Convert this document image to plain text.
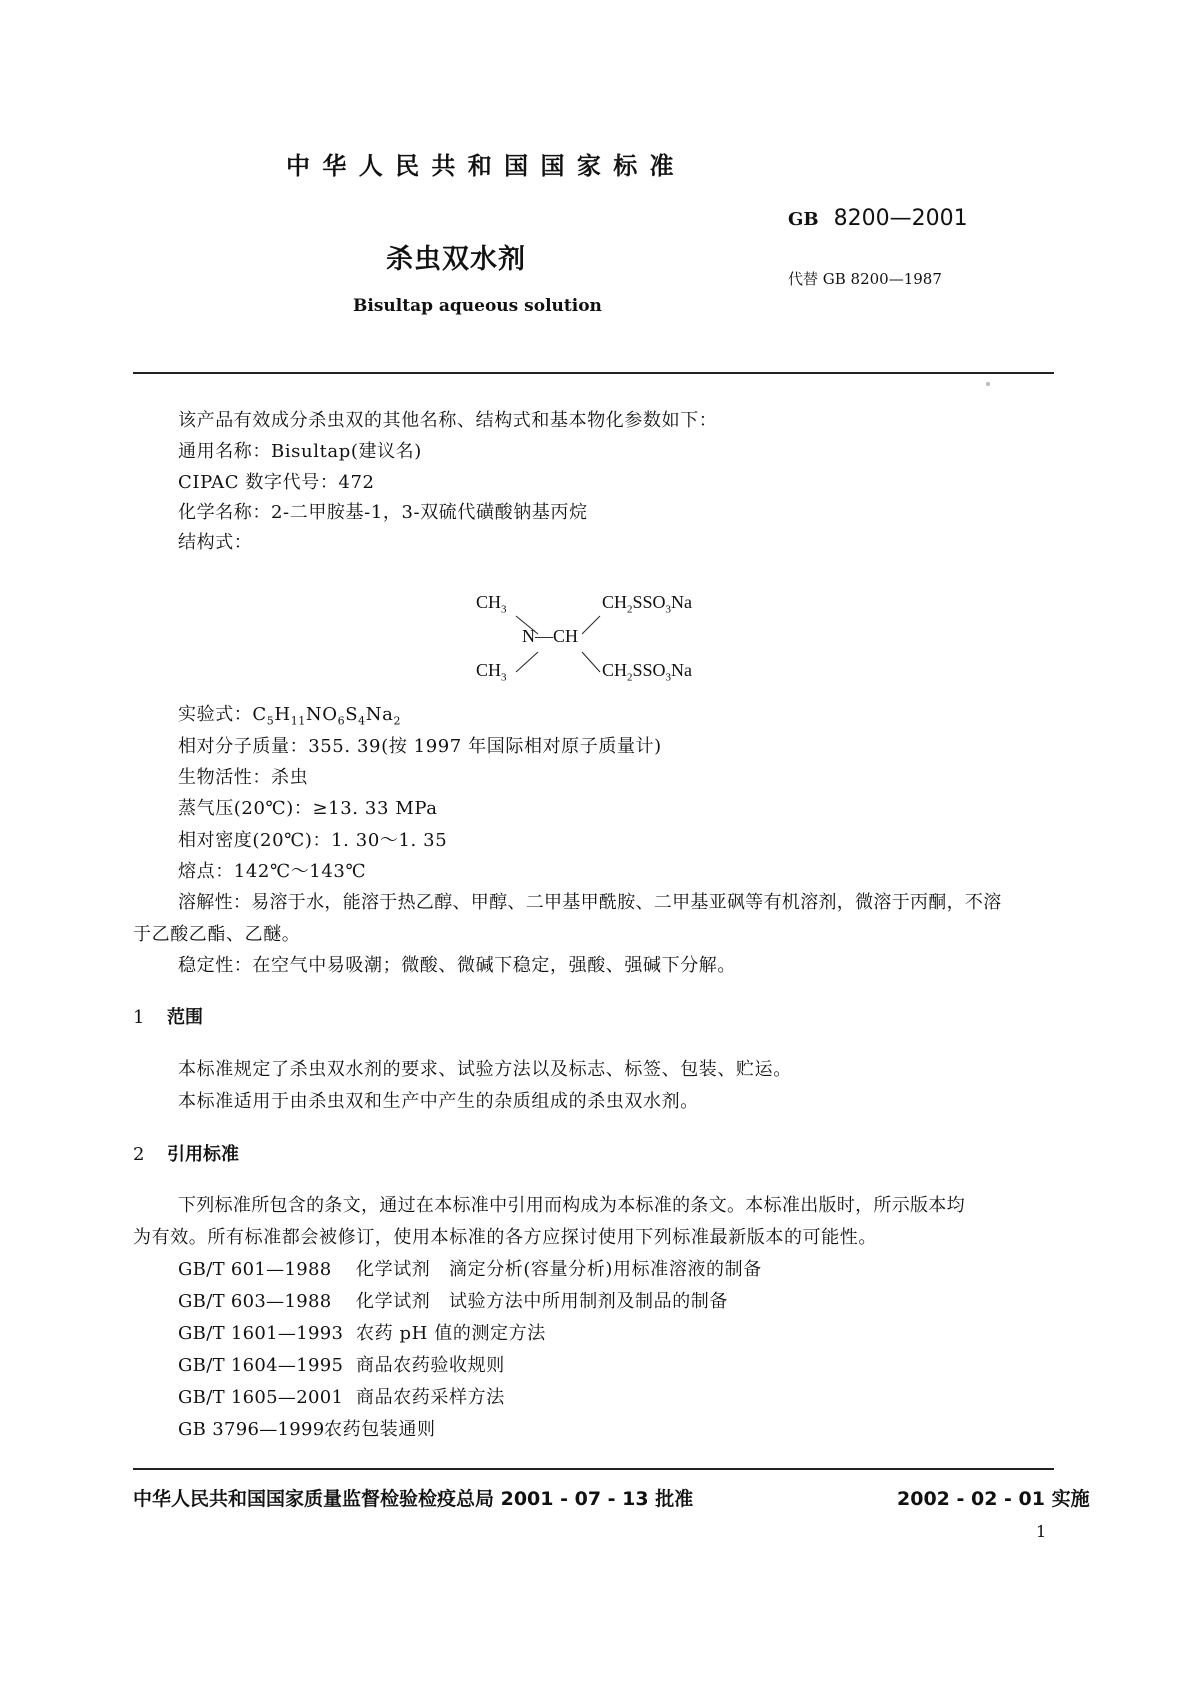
中 华 人 民 共 和 国 国 家 标 准
GB 8200—2001
杀虫双水剂
代替 GB 8200—1987
Bisultap aqueous solution
该产品有效成分杀虫双的其他名称、结构式和基本物化参数如下：
通用名称：Bisultap(建议名)
CIPAC 数字代号：472
化学名称：2-二甲胺基-1，3-双硫代磺酸钠基丙烷
结构式：
$CH_3$	$CH_2SSO_3Na$
N—CH
$CH_3$	$CH_2SSO_3Na$
实验式：$C_5H_{11}NO_6S_4Na_2$
相对分子质量：355. 39(按 1997 年国际相对原子质量计)
生物活性：杀虫
蒸气压(20℃)：≥13. 33 MPa
相对密度(20℃)：1. 30～1. 35
熔点：142℃～143℃
溶解性：易溶于水，能溶于热乙醇、甲醇、二甲基甲酰胺、二甲基亚砜等有机溶剂，微溶于丙酮，不溶
于乙酸乙酯、乙醚。
稳定性：在空气中易吸潮；微酸、微碱下稳定，强酸、强碱下分解。
1 范围
本标准规定了杀虫双水剂的要求、试验方法以及标志、标签、包装、贮运。
本标准适用于由杀虫双和生产中产生的杂质组成的杀虫双水剂。
2 引用标准
下列标准所包含的条文，通过在本标准中引用而构成为本标准的条文。本标准出版时，所示版本均
为有效。所有标准都会被修订，使用本标准的各方应探讨使用下列标准最新版本的可能性。
GB/T 601—1988 化学试剂　滴定分析(容量分析)用标准溶液的制备
GB/T 603—1988 化学试剂　试验方法中所用制剂及制品的制备
GB/T 1601—1993 农药 pH 值的测定方法
GB/T 1604—1995 商品农药验收规则
GB/T 1605—2001 商品农药采样方法
GB 3796—1999农药包装通则
中华人民共和国国家质量监督检验检疫总局 2001 - 07 - 13 批准	2002 - 02 - 01 实施
1
